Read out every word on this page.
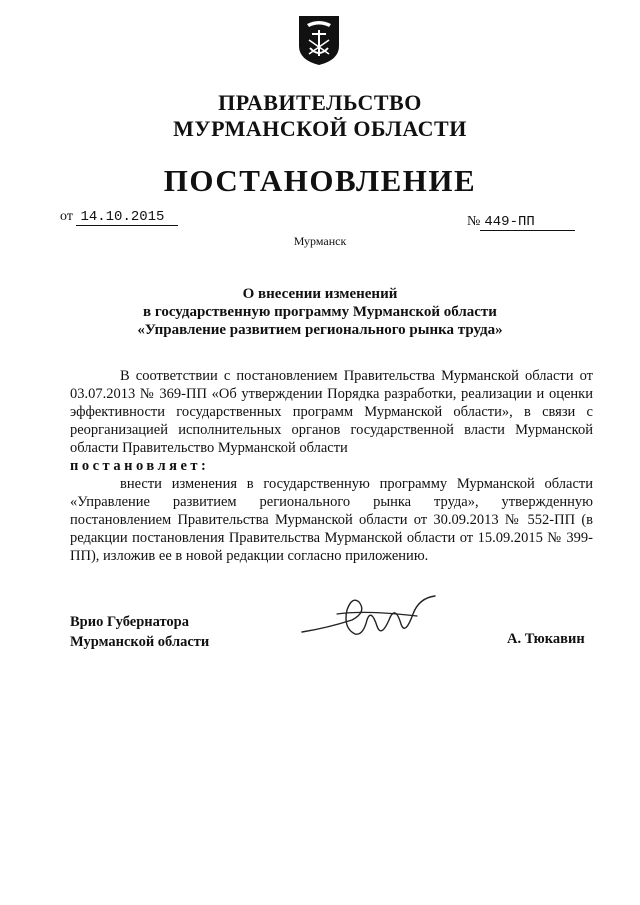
ПРАВИТЕЛЬСТВО
МУРМАНСКОЙ ОБЛАСТИ
ПОСТАНОВЛЕНИЕ
от 14.10.2015	№ 449-ПП
Мурманск
О внесении изменений
в государственную программу Мурманской области
«Управление развитием регионального рынка труда»
В соответствии с постановлением Правительства Мурманской области от 03.07.2013 № 369-ПП «Об утверждении Порядка разработки, реализации и оценки эффективности государственных программ Мурманской области», в связи с реорганизацией исполнительных органов государственной власти Мурманской области Правительство Мурманской области
постановляет:
внести изменения в государственную программу Мурманской области «Управление развитием регионального рынка труда», утвержденную постановлением Правительства Мурманской области от 30.09.2013 № 552-ПП (в редакции постановления Правительства Мурманской области от 15.09.2015 № 399-ПП), изложив ее в новой редакции согласно приложению.
Врио Губернатора
Мурманской области	А. Тюкавин
